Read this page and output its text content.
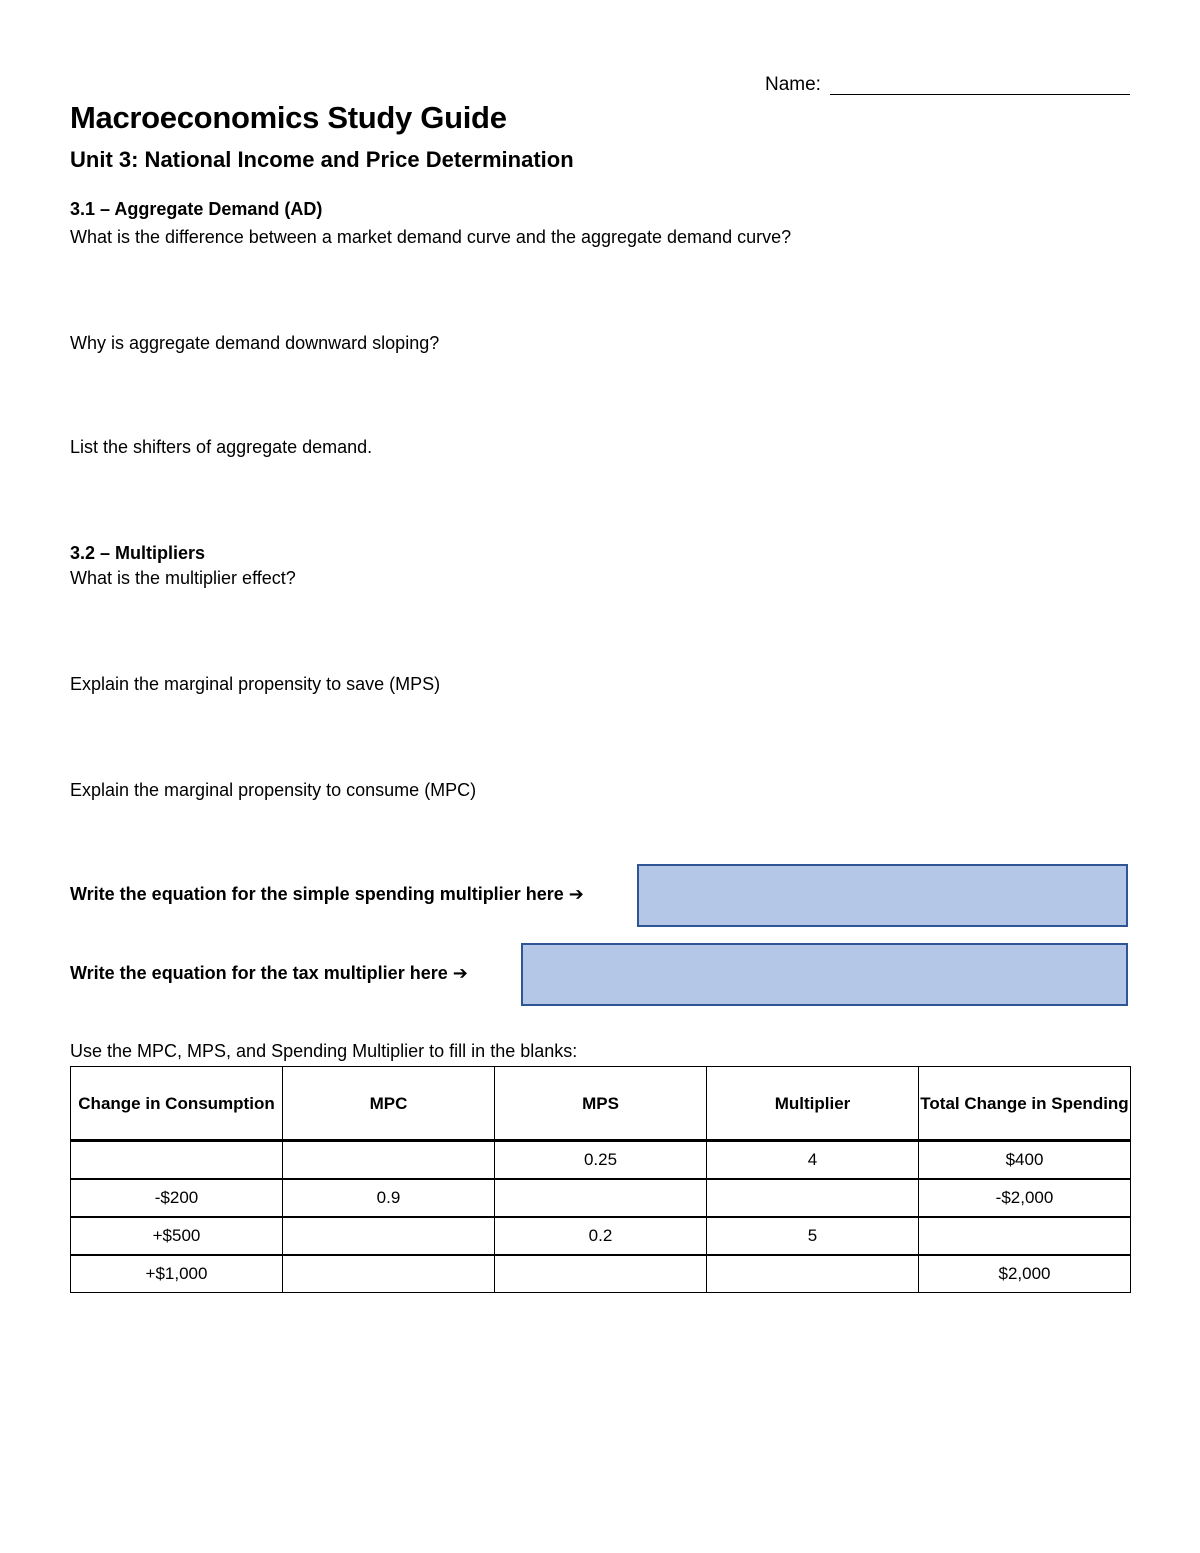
Name:
Macroeconomics Study Guide
Unit 3: National Income and Price Determination
3.1 – Aggregate Demand (AD)
What is the difference between a market demand curve and the aggregate demand curve?
Why is aggregate demand downward sloping?
List the shifters of aggregate demand.
3.2 – Multipliers
What is the multiplier effect?
Explain the marginal propensity to save (MPS)
Explain the marginal propensity to consume (MPC)
Write the equation for the simple spending multiplier here ➔
Write the equation for the tax multiplier here ➔
Use the MPC, MPS, and Spending Multiplier to fill in the blanks:
Change in Consumption	MPC	MPS	Multiplier	Total Change in Spending
		0.25	4	$400
-$200	0.9			-$2,000
+$500		0.2	5	
+$1,000				$2,000
